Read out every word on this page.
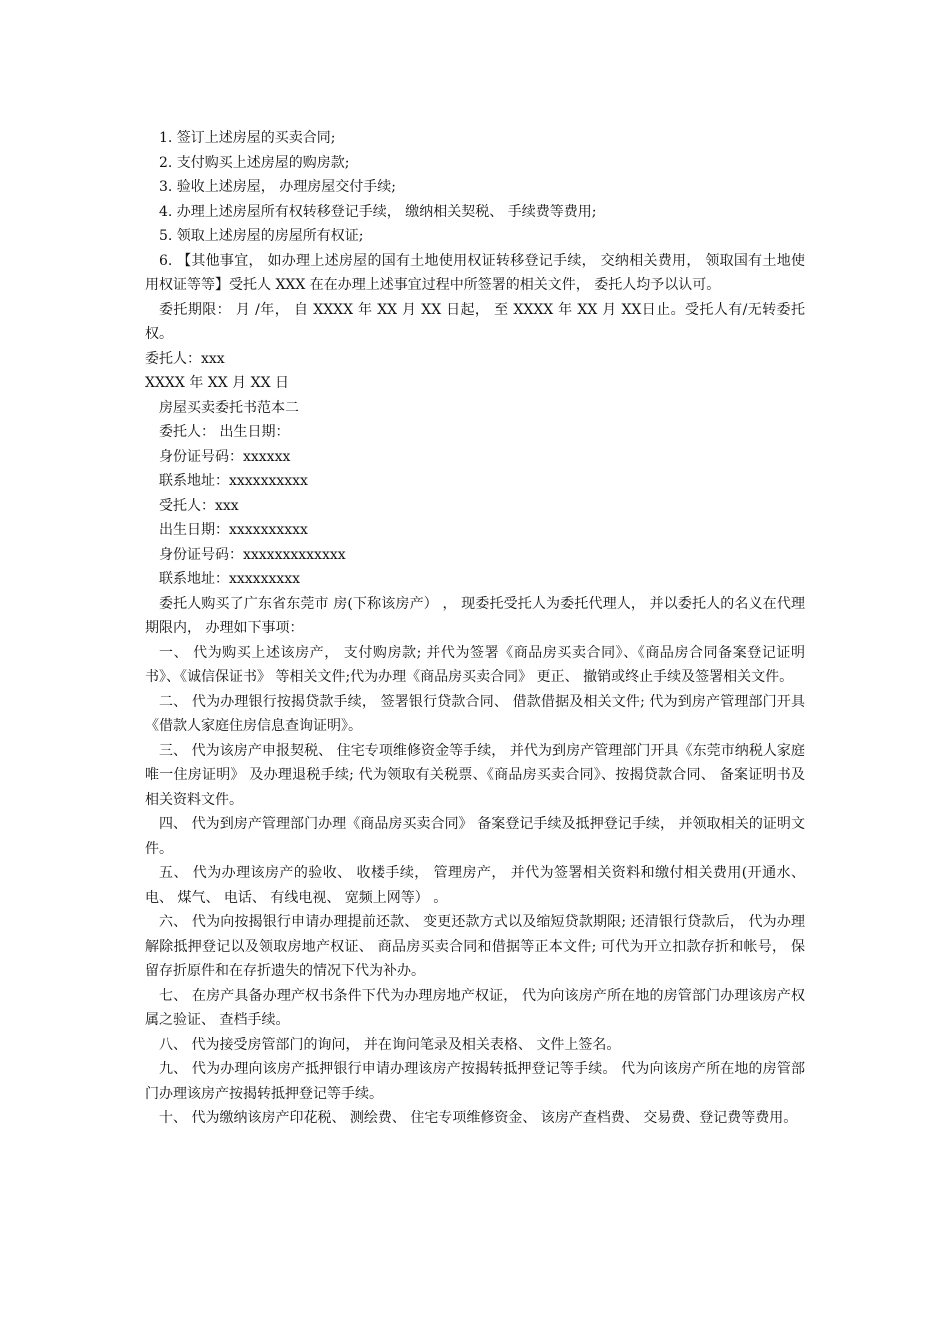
1. 签订上述房屋的买卖合同;

2. 支付购买上述房屋的购房款;

3. 验收上述房屋， 办理房屋交付手续;

4. 办理上述房屋所有权转移登记手续， 缴纳相关契税、 手续费等费用;

5. 领取上述房屋的房屋所有权证;

6. 【其他事宜， 如办理上述房屋的国有土地使用权证转移登记手续， 交纳相关费用， 领取国有土地使用权证等等】受托人 XXX 在在办理上述事宜过程中所签署的相关文件， 委托人均予以认可。

委托期限： 月 /年， 自 XXXX 年 XX 月 XX 日起， 至 XXXX 年 XX 月 XX日止。受托人有/无转委托权。

委托人：xxx

XXXX 年 XX 月 XX 日

房屋买卖委托书范本二

委托人： 出生日期：

身份证号码：xxxxxx

联系地址：xxxxxxxxxx

受托人：xxx

出生日期：xxxxxxxxxx

身份证号码：xxxxxxxxxxxxx

联系地址：xxxxxxxxx

委托人购买了广东省东莞市 房(下称该房产） ， 现委托受托人为委托代理人， 并以委托人的名义在代理期限内， 办理如下事项：

一、 代为购买上述该房产， 支付购房款; 并代为签署《商品房买卖合同》、《商品房合同备案登记证明书》、《诚信保证书》 等相关文件;代为办理《商品房买卖合同》 更正、 撤销或终止手续及签署相关文件。

二、 代为办理银行按揭贷款手续， 签署银行贷款合同、 借款借据及相关文件; 代为到房产管理部门开具《借款人家庭住房信息查询证明》。

三、 代为该房产申报契税、 住宅专项维修资金等手续， 并代为到房产管理部门开具《东莞市纳税人家庭唯一住房证明》 及办理退税手续; 代为领取有关税票、《商品房买卖合同》、按揭贷款合同、 备案证明书及相关资料文件。

四、 代为到房产管理部门办理《商品房买卖合同》 备案登记手续及抵押登记手续， 并领取相关的证明文件。

五、 代为办理该房产的验收、 收楼手续， 管理房产， 并代为签署相关资料和缴付相关费用(开通水、 电、 煤气、 电话、 有线电视、 宽频上网等） 。

六、 代为向按揭银行申请办理提前还款、 变更还款方式以及缩短贷款期限; 还清银行贷款后， 代为办理解除抵押登记以及领取房地产权证、 商品房买卖合同和借据等正本文件; 可代为开立扣款存折和帐号， 保留存折原件和在存折遗失的情况下代为补办。

七、 在房产具备办理产权书条件下代为办理房地产权证， 代为向该房产所在地的房管部门办理该房产权属之验证、 查档手续。

八、 代为接受房管部门的询问， 并在询问笔录及相关表格、 文件上签名。

九、 代为办理向该房产抵押银行申请办理该房产按揭转抵押登记等手续。 代为向该房产所在地的房管部门办理该房产按揭转抵押登记等手续。

十、 代为缴纳该房产印花税、 测绘费、 住宅专项维修资金、 该房产查档费、 交易费、登记费等费用。
